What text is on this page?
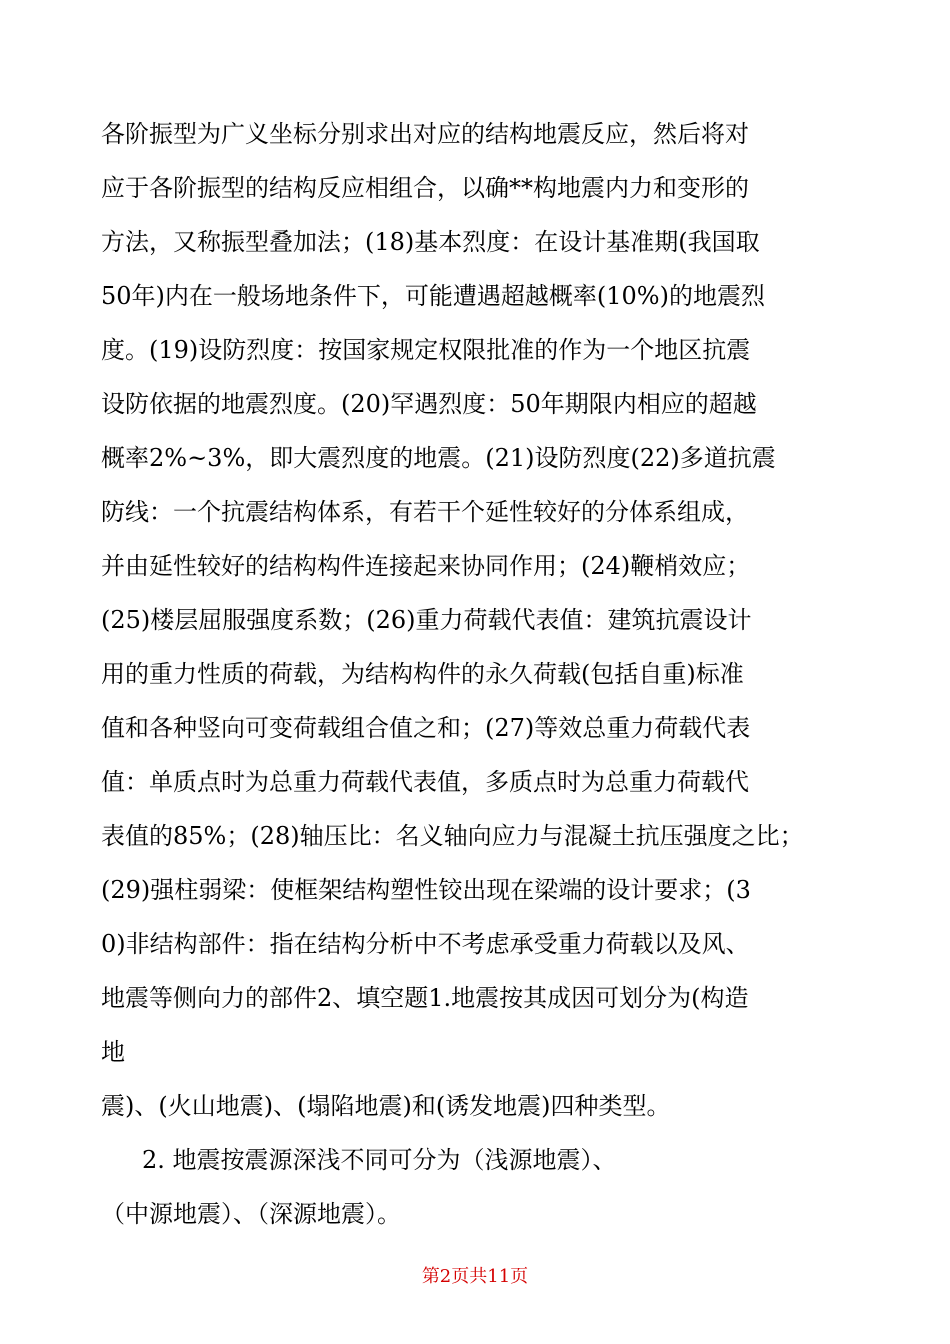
各阶振型为广义坐标分别求出对应的结构地震反应，然后将对
应于各阶振型的结构反应相组合，以确**构地震内力和变形的
方法，又称振型叠加法；(18)基本烈度：在设计基准期(我国取
50年)内在一般场地条件下，可能遭遇超越概率(10%)的地震烈
度。(19)设防烈度：按国家规定权限批准的作为一个地区抗震
设防依据的地震烈度。(20)罕遇烈度：50年期限内相应的超越
概率2%~3%，即大震烈度的地震。(21)设防烈度(22)多道抗震
防线：一个抗震结构体系，有若干个延性较好的分体系组成，
并由延性较好的结构构件连接起来协同作用；(24)鞭梢效应；
(25)楼层屈服强度系数；(26)重力荷载代表值：建筑抗震设计
用的重力性质的荷载，为结构构件的永久荷载(包括自重)标准
值和各种竖向可变荷载组合值之和；(27)等效总重力荷载代表
值：单质点时为总重力荷载代表值，多质点时为总重力荷载代
表值的85%；(28)轴压比：名义轴向应力与混凝土抗压强度之比；
(29)强柱弱梁：使框架结构塑性铰出现在梁端的设计要求；(3
0)非结构部件：指在结构分析中不考虑承受重力荷载以及风、
地震等侧向力的部件2、填空题1.地震按其成因可划分为(构造
地
震)、(火山地震)、(塌陷地震)和(诱发地震)四种类型。
2. 地震按震源深浅不同可分为（浅源地震）、
（中源地震）、（深源地震）。
第2页共11页
